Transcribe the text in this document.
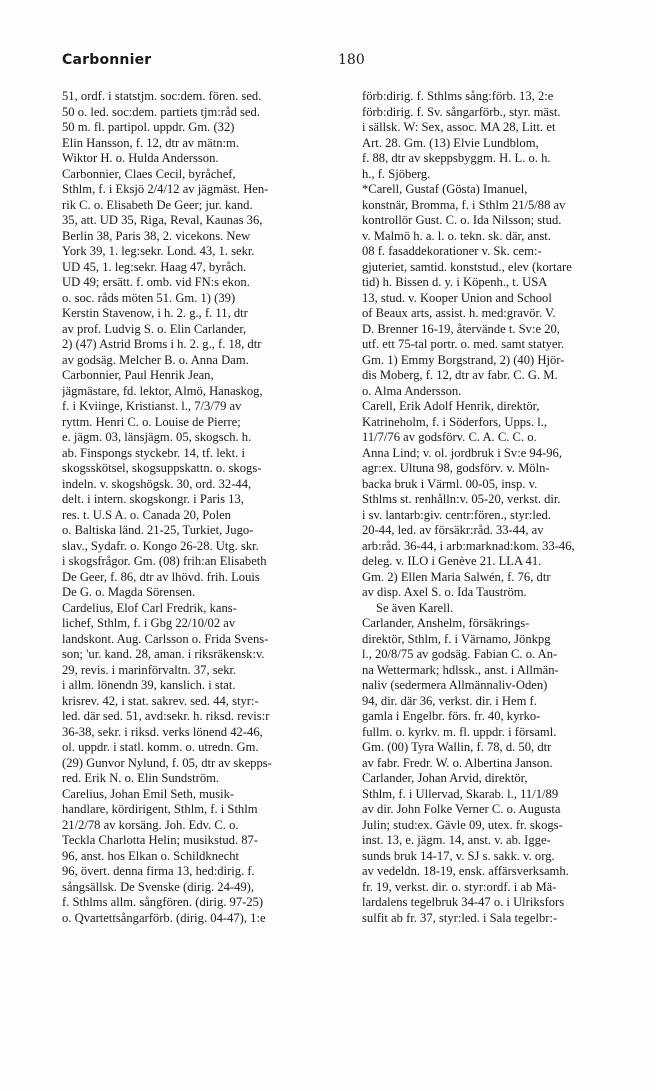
Carbonnier	180
51, ordf. i statstjm. soc:dem. fören. sed.
50 o. led. soc:dem. partiets tjm:råd sed.
50 m. fl. partipol. uppdr. Gm. (32)
Elin Hansson, f. 12, dtr av mätn:m.
Wiktor H. o. Hulda Andersson.
Carbonnier, Claes Cecil, byråchef,
Sthlm, f. i Eksjö 2/4/12 av jägmäst. Hen-
rik C. o. Elisabeth De Geer; jur. kand.
35, att. UD 35, Riga, Reval, Kaunas 36,
Berlin 38, Paris 38, 2. vicekons. New
York 39, 1. leg:sekr. Lond. 43, 1. sekr.
UD 45, 1. leg:sekr. Haag 47, byråch.
UD 49; ersätt. f. omb. vid FN:s ekon.
o. soc. råds möten 51. Gm. 1) (39)
Kerstin Stavenow, i h. 2. g., f. 11, dtr
av prof. Ludvig S. o. Elin Carlander,
2) (47) Astrid Broms i h. 2. g., f. 18, dtr
av godsäg. Melcher B. o. Anna Dam.
Carbonnier, Paul Henrik Jean,
jägmästare, fd. lektor, Almö, Hanaskog,
f. i Kviinge, Kristianst. l., 7/3/79 av
ryttm. Henri C. o. Louise de Pierre;
e. jägm. 03, länsjägm. 05, skogsch. h.
ab. Finspongs styckebr. 14, tf. lekt. i
skogsskötsel, skogsuppskattn. o. skogs-
indeln. v. skogshögsk. 30, ord. 32-44,
delt. i intern. skogskongr. i Paris 13,
res. t. U.S A. o. Canada 20, Polen
o. Baltiska länd. 21-25, Turkiet, Jugo-
slav., Sydafr. o. Kongo 26-28. Utg. skr.
i skogsfrågor. Gm. (08) frih:an Elisabeth
De Geer, f. 86, dtr av lhövd. frih. Louis
De G. o. Magda Sörensen.
Cardelius, Elof Carl Fredrik, kans-
lichef, Sthlm, f. i Gbg 22/10/02 av
landskont. Aug. Carlsson o. Frida Svens-
son; 'ur. kand. 28, aman. i riksräkensk:v.
29, revis. i marinförvaltn. 37, sekr.
i allm. lönendn 39, kanslich. i stat.
krisrev. 42, i stat. sakrev. sed. 44, styr:-
led. där sed. 51, avd:sekr. h. riksd. revis:r
36-38, sekr. i riksd. verks lönend 42-46,
ol. uppdr. i statl. komm. o. utredn. Gm.
(29) Gunvor Nylund, f. 05, dtr av skepps-
red. Erik N. o. Elin Sundström.
Carelius, Johan Emil Seth, musik-
handlare, kördirigent, Sthlm, f. i Sthlm
21/2/78 av korsäng. Joh. Edv. C. o.
Teckla Charlotta Helin; musikstud. 87-
96, anst. hos Elkan o. Schildknecht
96, övert. denna firma 13, hed:dirig. f.
sångsällsk. De Svenske (dirig. 24-49),
f. Sthlms allm. sångfören. (dirig. 97-25)
o. Qvartettsångarförb. (dirig. 04-47), 1:e
förb:dirig. f. Sthlms sång:förb. 13, 2:e
förb:dirig. f. Sv. sångarförb., styr. mäst.
i sällsk. W: Sex, assoc. MA 28, Litt. et
Art. 28. Gm. (13) Elvie Lundblom,
f. 88, dtr av skeppsbyggm. H. L. o. h.
h., f. Sjöberg.
*Carell, Gustaf (Gösta) Imanuel,
konstnär, Bromma, f. i Sthlm 21/5/88 av
kontrollör Gust. C. o. Ida Nilsson; stud.
v. Malmö h. a. l. o. tekn. sk. där, anst.
08 f. fasaddekorationer v. Sk. cem:-
gjuteriet, samtid. konststud., elev (kortare
tid) h. Bissen d. y. i Köpenh., t. USA
13, stud. v. Kooper Union and School
of Beaux arts, assist. h. med:gravör. V.
D. Brenner 16-19, återvände t. Sv:e 20,
utf. ett 75-tal portr. o. med. samt statyer.
Gm. 1) Emmy Borgstrand, 2) (40) Hjör-
dis Moberg, f. 12, dtr av fabr. C. G. M.
o. Alma Andersson.
Carell, Erik Adolf Henrik, direktör,
Katrineholm, f. i Söderfors, Upps. l.,
11/7/76 av godsförv. C. A. C. C. o.
Anna Lind; v. ol. jordbruk i Sv:e 94-96,
agr:ex. Ultuna 98, godsförv. v. Möln-
backa bruk i Värml. 00-05, insp. v.
Sthlms st. renhålln:v. 05-20, verkst. dir.
i sv. lantarb:giv. centr:fören., styr:led.
20-44, led. av försäkr:råd. 33-44, av
arb:råd. 36-44, i arb:marknad:kom. 33-46,
deleg. v. ILO i Genève 21. LLA 41.
Gm. 2) Ellen Maria Salwén, f. 76, dtr
av disp. Axel S. o. Ida Tauström.
Se även Karell.
Carlander, Anshelm, försäkrings-
direktör, Sthlm, f. i Värnamo, Jönkpg
l., 20/8/75 av godsäg. Fabian C. o. An-
na Wettermark; hdlssk., anst. i Allmän-
naliv (sedermera Allmännaliv-Oden)
94, dir. där 36, verkst. dir. i Hem f.
gamla i Engelbr. förs. fr. 40, kyrko-
fullm. o. kyrkv. m. fl. uppdr. i församl.
Gm. (00) Tyra Wallin, f. 78, d. 50, dtr
av fabr. Fredr. W. o. Albertina Janson.
Carlander, Johan Arvid, direktör,
Sthlm, f. i Ullervad, Skarab. l., 11/1/89
av dir. John Folke Verner C. o. Augusta
Julin; stud:ex. Gävle 09, utex. fr. skogs-
inst. 13, e. jägm. 14, anst. v. ab. Igge-
sunds bruk 14-17, v. SJ s. sakk. v. org.
av vedeldn. 18-19, ensk. affärsverksamh.
fr. 19, verkst. dir. o. styr:ordf. i ab Mä-
lardalens tegelbruk 34-47 o. i Ulriksfors
sulfit ab fr. 37, styr:led. i Sala tegelbr:-
